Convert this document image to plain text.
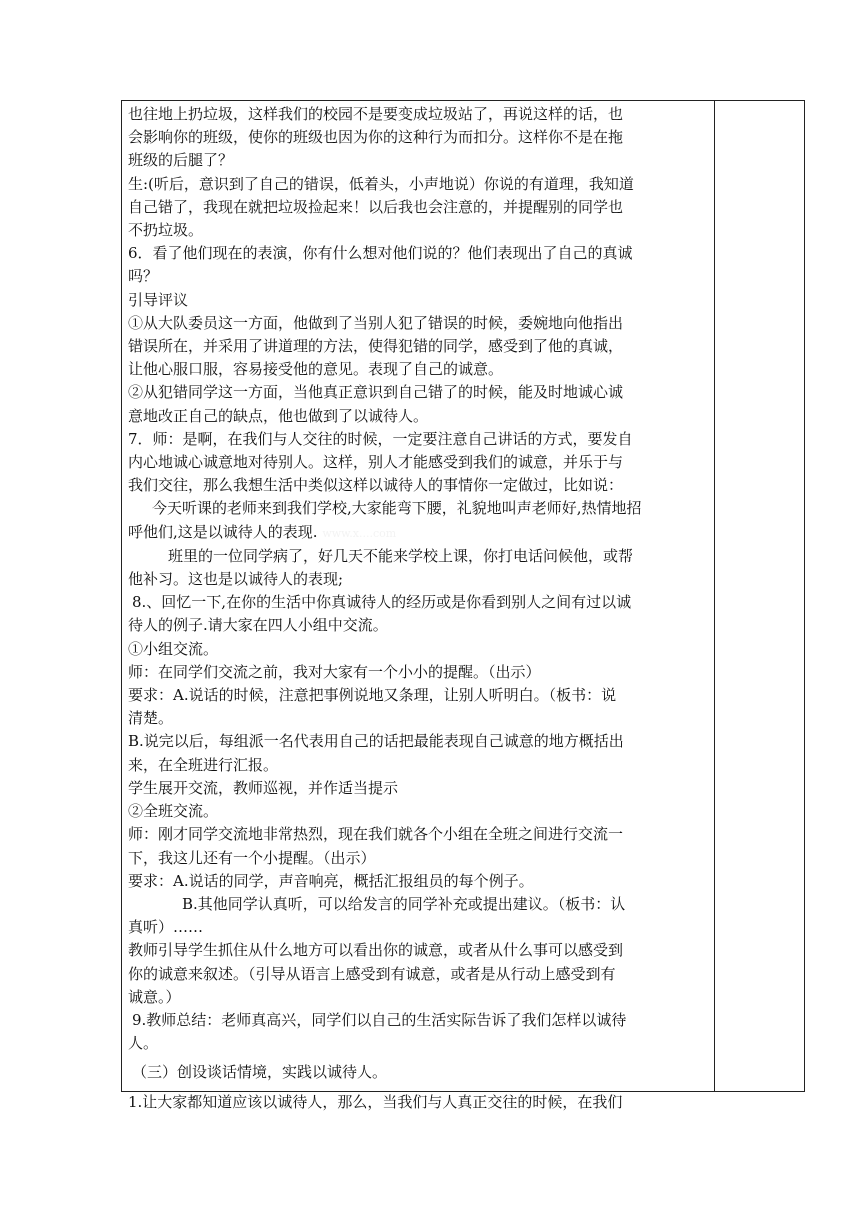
也往地上扔垃圾，这样我们的校园不是要变成垃圾站了，再说这样的话，也

会影响你的班级，使你的班级也因为你的这种行为而扣分。这样你不是在拖

班级的后腿了？

生:(听后，意识到了自己的错误，低着头，小声地说）你说的有道理，我知道

自己错了，我现在就把垃圾捡起来！以后我也会注意的，并提醒别的同学也

不扔垃圾。

6．看了他们现在的表演，你有什么想对他们说的？他们表现出了自己的真诚

吗？

引导评议

①从大队委员这一方面，他做到了当别人犯了错误的时候，委婉地向他指出

错误所在，并采用了讲道理的方法，使得犯错的同学，感受到了他的真诚，

让他心服口服，容易接受他的意见。表现了自己的诚意。

②从犯错同学这一方面，当他真正意识到自己错了的时候，能及时地诚心诚

意地改正自己的缺点，他也做到了以诚待人。

7．师：是啊，在我们与人交往的时候，一定要注意自己讲话的方式，要发自

内心地诚心诚意地对待别人。这样，别人才能感受到我们的诚意，并乐于与

我们交往，那么我想生活中类似这样以诚待人的事情你一定做过，比如说：

今天听课的老师来到我们学校,大家能弯下腰，礼貌地叫声老师好,热情地招

呼他们,这是以诚待人的表现. www.x....com

班里的一位同学病了，好几天不能来学校上课，你打电话问候他，或帮

他补习。这也是以诚待人的表现;

8.、回忆一下,在你的生活中你真诚待人的经历或是你看到别人之间有过以诚

待人的例子.请大家在四人小组中交流。

①小组交流。

师：在同学们交流之前，我对大家有一个小小的提醒。（出示）

要求：A.说话的时候，注意把事例说地又条理，让别人听明白。（板书：说

清楚。

B.说完以后，每组派一名代表用自己的话把最能表现自己诚意的地方概括出

来，在全班进行汇报。

学生展开交流，教师巡视，并作适当提示

②全班交流。

师：刚才同学交流地非常热烈，现在我们就各个小组在全班之间进行交流一

下，我这儿还有一个小提醒。（出示）

要求：A.说话的同学，声音响亮，概括汇报组员的每个例子。

B.其他同学认真听，可以给发言的同学补充或提出建议。（板书：认

真听）……

教师引导学生抓住从什么地方可以看出你的诚意，或者从什么事可以感受到

你的诚意来叙述。（引导从语言上感受到有诚意，或者是从行动上感受到有

诚意。）

9.教师总结：老师真高兴，同学们以自己的生活实际告诉了我们怎样以诚待

人。

（三）创设谈话情境，实践以诚待人。

1.让大家都知道应该以诚待人，那么，当我们与人真正交往的时候，在我们
